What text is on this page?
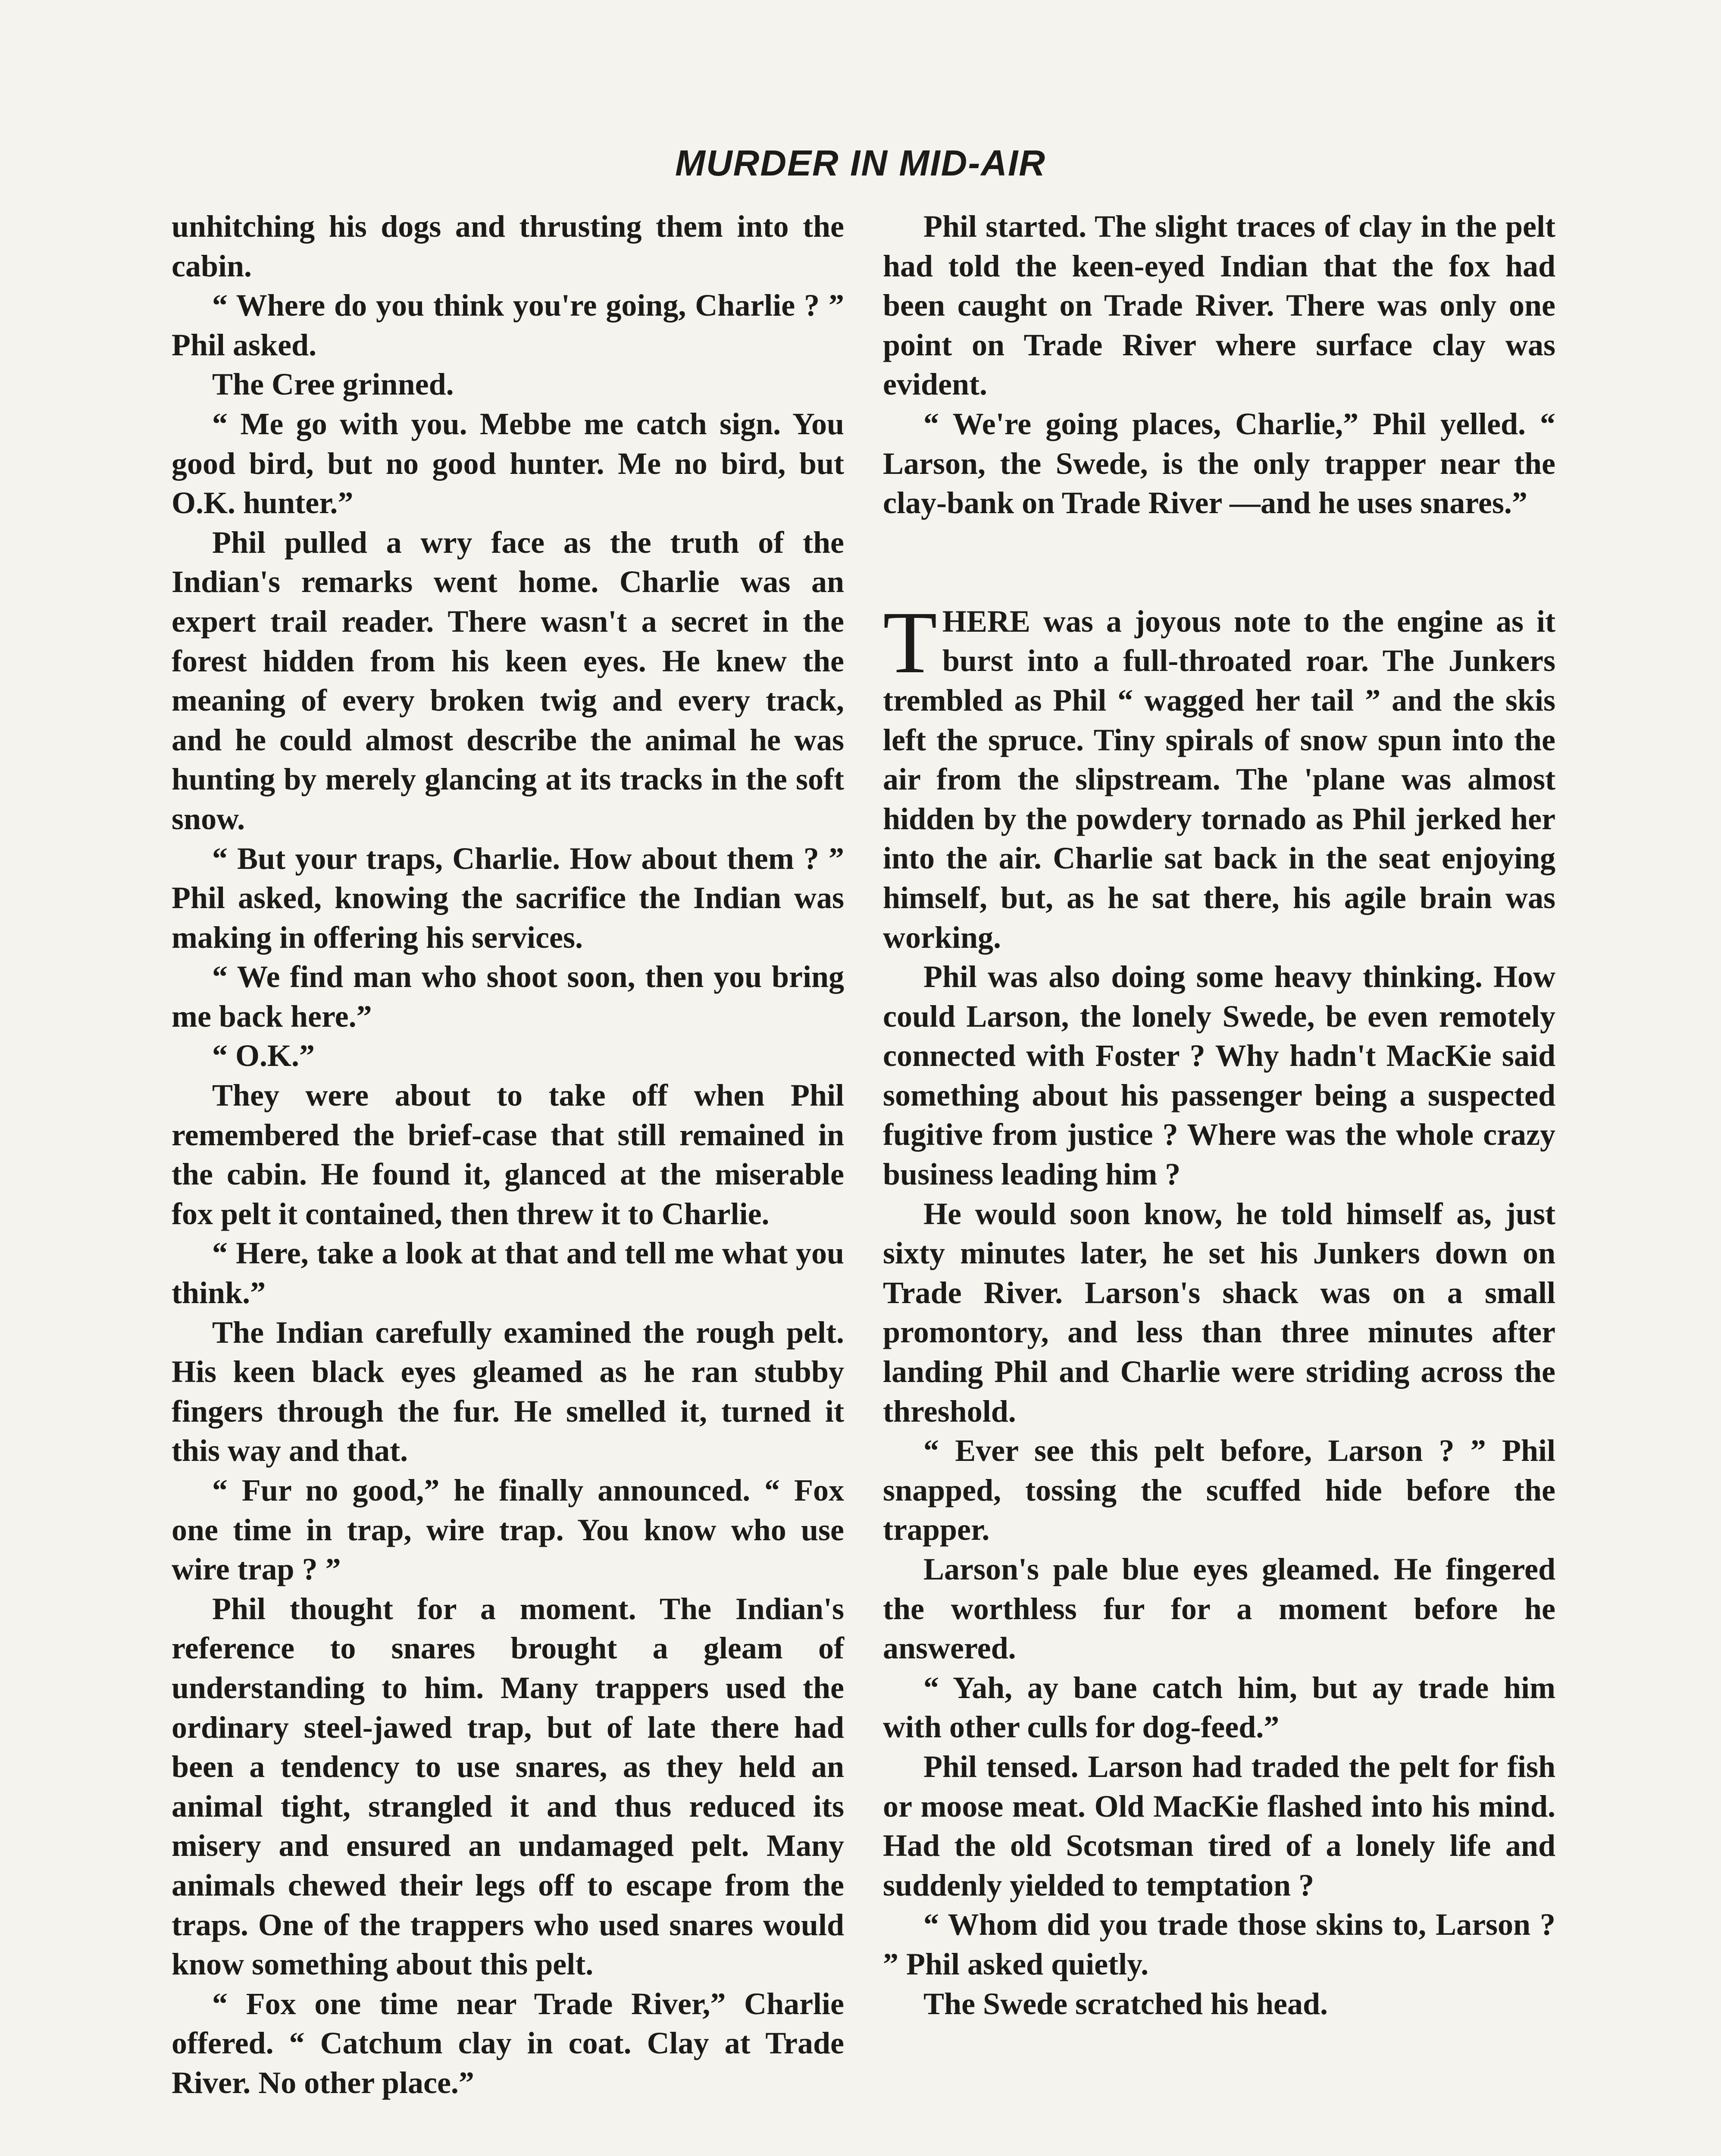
MURDER IN MID-AIR

unhitching his dogs and thrusting them into the cabin.

“ Where do you think you're going, Charlie ? ” Phil asked.

The Cree grinned.

“ Me go with you. Mebbe me catch sign. You good bird, but no good hunter. Me no bird, but O.K. hunter.”

Phil pulled a wry face as the truth of the Indian's remarks went home. Charlie was an expert trail reader. There wasn't a secret in the forest hidden from his keen eyes. He knew the meaning of every broken twig and every track, and he could almost describe the animal he was hunting by merely glancing at its tracks in the soft snow.

“ But your traps, Charlie. How about them ? ” Phil asked, knowing the sacrifice the Indian was making in offering his services.

“ We find man who shoot soon, then you bring me back here.”

“ O.K.”

They were about to take off when Phil remembered the brief-case that still remained in the cabin. He found it, glanced at the miserable fox pelt it contained, then threw it to Charlie.

“ Here, take a look at that and tell me what you think.”

The Indian carefully examined the rough pelt. His keen black eyes gleamed as he ran stubby fingers through the fur. He smelled it, turned it this way and that.

“ Fur no good,” he finally announced. “ Fox one time in trap, wire trap. You know who use wire trap ? ”

Phil thought for a moment. The Indian's reference to snares brought a gleam of understanding to him. Many trappers used the ordinary steel-jawed trap, but of late there had been a tendency to use snares, as they held an animal tight, strangled it and thus reduced its misery and ensured an undamaged pelt. Many animals chewed their legs off to escape from the traps. One of the trappers who used snares would know something about this pelt.

“ Fox one time near Trade River,” Charlie offered. “ Catchum clay in coat. Clay at Trade River. No other place.”

Phil started. The slight traces of clay in the pelt had told the keen-eyed Indian that the fox had been caught on Trade River. There was only one point on Trade River where surface clay was evident.

“ We're going places, Charlie,” Phil yelled. “ Larson, the Swede, is the only trapper near the clay-bank on Trade River —and he uses snares.”

THERE was a joyous note to the engine as it burst into a full-throated roar. The Junkers trembled as Phil “ wagged her tail ” and the skis left the spruce. Tiny spirals of snow spun into the air from the slipstream. The 'plane was almost hidden by the powdery tornado as Phil jerked her into the air. Charlie sat back in the seat enjoying himself, but, as he sat there, his agile brain was working.

Phil was also doing some heavy thinking. How could Larson, the lonely Swede, be even remotely connected with Foster ? Why hadn't MacKie said something about his passenger being a suspected fugitive from justice ? Where was the whole crazy business leading him ?

He would soon know, he told himself as, just sixty minutes later, he set his Junkers down on Trade River. Larson's shack was on a small promontory, and less than three minutes after landing Phil and Charlie were striding across the threshold.

“ Ever see this pelt before, Larson ? ” Phil snapped, tossing the scuffed hide before the trapper.

Larson's pale blue eyes gleamed. He fingered the worthless fur for a moment before he answered.

“ Yah, ay bane catch him, but ay trade him with other culls for dog-feed.”

Phil tensed. Larson had traded the pelt for fish or moose meat. Old MacKie flashed into his mind. Had the old Scotsman tired of a lonely life and suddenly yielded to temptation ?

“ Whom did you trade those skins to, Larson ? ” Phil asked quietly.

The Swede scratched his head.
